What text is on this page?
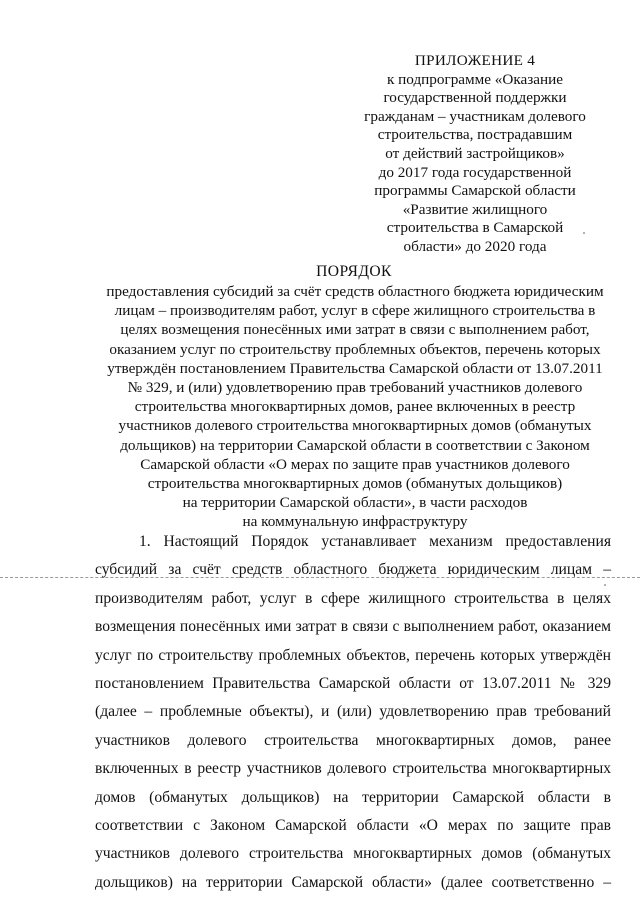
ПРИЛОЖЕНИЕ 4
к подпрограмме «Оказание
государственной поддержки
гражданам – участникам долевого
строительства, пострадавшим
от действий застройщиков»
до 2017 года государственной
программы Самарской области
«Развитие жилищного
строительства в Самарской
области» до 2020 года
ПОРЯДОК
предоставления субсидий за счёт средств областного бюджета юридическим
лицам – производителям работ, услуг в сфере жилищного строительства в
целях возмещения понесённых ими затрат в связи с выполнением работ,
оказанием услуг по строительству проблемных объектов, перечень которых
утверждён постановлением Правительства Самарской области от 13.07.2011
№ 329, и (или) удовлетворению прав требований участников долевого
строительства многоквартирных домов, ранее включенных в реестр
участников долевого строительства многоквартирных домов (обманутых
дольщиков) на территории Самарской области в соответствии с Законом
Самарской области «О мерах по защите прав участников долевого
строительства многоквартирных домов (обманутых дольщиков)
на территории Самарской области», в части расходов
на коммунальную инфраструктуру
1. Настоящий Порядок устанавливает механизм предоставления
субсидий за счёт средств областного бюджета юридическим лицам –
производителям работ, услуг в сфере жилищного строительства в целях
возмещения понесённых ими затрат в связи с выполнением работ, оказанием
услуг по строительству проблемных объектов, перечень которых утверждён
постановлением Правительства Самарской области от 13.07.2011 № 329
(далее – проблемные объекты), и (или) удовлетворению прав требований
участников долевого строительства многоквартирных домов, ранее
включенных в реестр участников долевого строительства многоквартирных
домов (обманутых дольщиков) на территории Самарской области в
соответствии с Законом Самарской области «О мерах по защите прав
участников долевого строительства многоквартирных домов (обманутых
дольщиков) на территории Самарской области» (далее соответственно –
